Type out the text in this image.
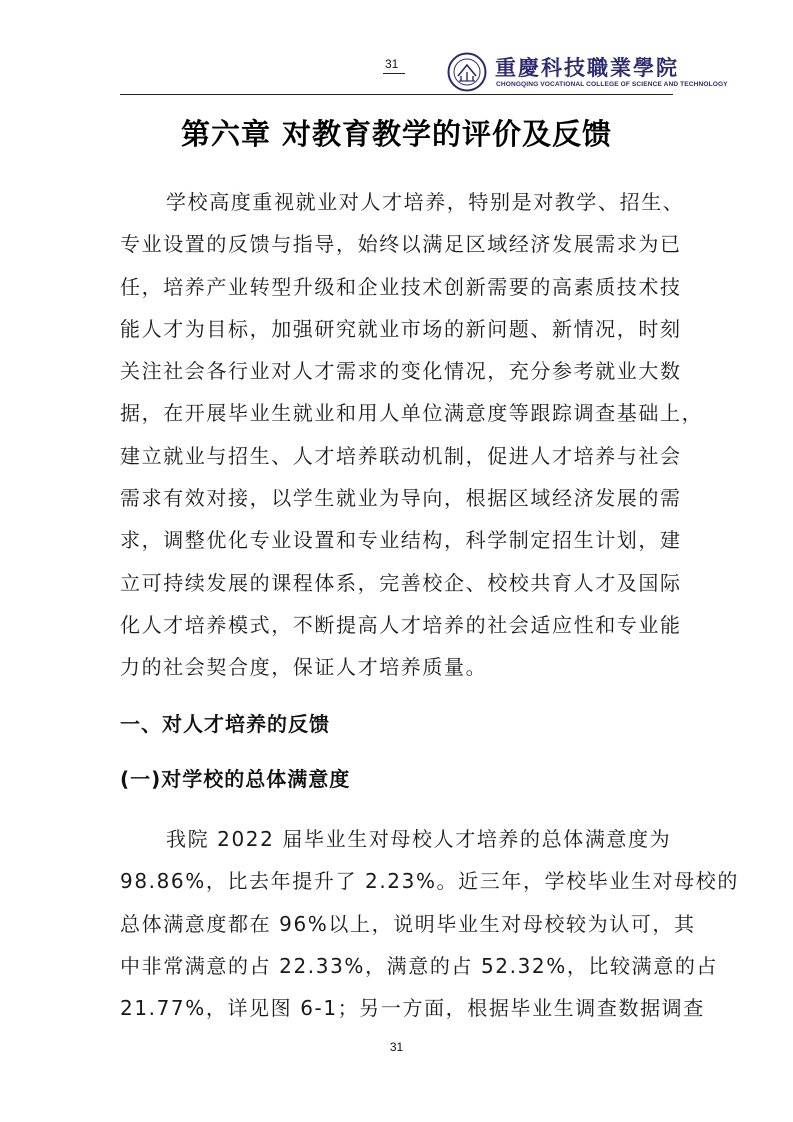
31	重慶科技職業學院
CHONGQING VOCATIONAL COLLEGE OF SCIENCE AND TECHNOLOGY
第六章 对教育教学的评价及反馈
学校高度重视就业对人才培养，特别是对教学、招生、
专业设置的反馈与指导，始终以满足区域经济发展需求为已
任，培养产业转型升级和企业技术创新需要的高素质技术技
能人才为目标，加强研究就业市场的新问题、新情况，时刻
关注社会各行业对人才需求的变化情况，充分参考就业大数
据，在开展毕业生就业和用人单位满意度等跟踪调查基础上，
建立就业与招生、人才培养联动机制，促进人才培养与社会
需求有效对接，以学生就业为导向，根据区域经济发展的需
求，调整优化专业设置和专业结构，科学制定招生计划，建
立可持续发展的课程体系，完善校企、校校共育人才及国际
化人才培养模式，不断提高人才培养的社会适应性和专业能
力的社会契合度，保证人才培养质量。
一、对人才培养的反馈
(一)对学校的总体满意度
我院 2022 届毕业生对母校人才培养的总体满意度为
98.86%，比去年提升了 2.23%。近三年，学校毕业生对母校的
总体满意度都在 96%以上，说明毕业生对母校较为认可，其
中非常满意的占 22.33%，满意的占 52.32%，比较满意的占
21.77%，详见图 6-1；另一方面，根据毕业生调查数据调查
31
